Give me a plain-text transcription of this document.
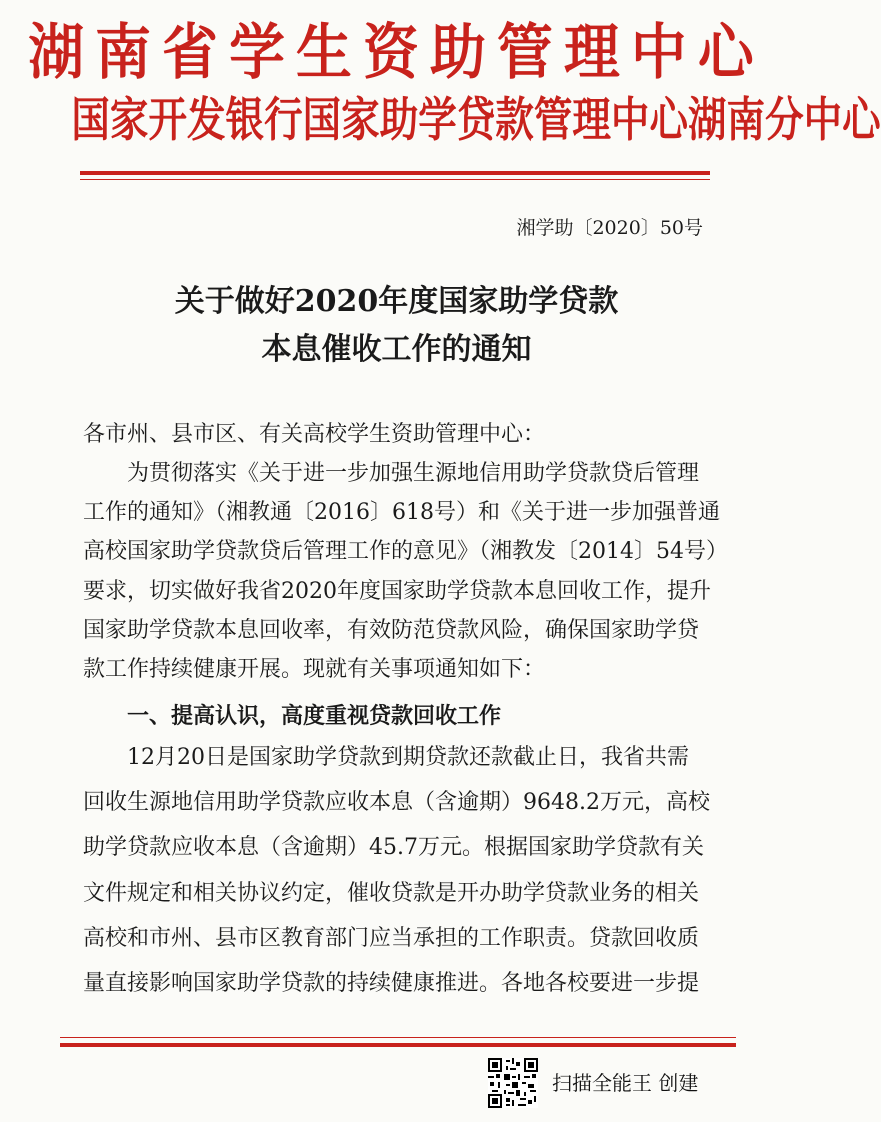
湖南省学生资助管理中心
国家开发银行国家助学贷款管理中心湖南分中心
湘学助〔2020〕50号
关于做好2020年度国家助学贷款
本息催收工作的通知
各市州、县市区、有关高校学生资助管理中心：
　　为贯彻落实《关于进一步加强生源地信用助学贷款贷后管理
工作的通知》（湘教通〔2016〕618号）和《关于进一步加强普通
高校国家助学贷款贷后管理工作的意见》（湘教发〔2014〕54号）
要求，切实做好我省2020年度国家助学贷款本息回收工作，提升
国家助学贷款本息回收率，有效防范贷款风险，确保国家助学贷
款工作持续健康开展。现就有关事项通知如下：
　　一、提高认识，高度重视贷款回收工作
　　12月20日是国家助学贷款到期贷款还款截止日，我省共需
回收生源地信用助学贷款应收本息（含逾期）9648.2万元，高校
助学贷款应收本息（含逾期）45.7万元。根据国家助学贷款有关
文件规定和相关协议约定，催收贷款是开办助学贷款业务的相关
高校和市州、县市区教育部门应当承担的工作职责。贷款回收质
量直接影响国家助学贷款的持续健康推进。各地各校要进一步提
扫描全能王 创建
